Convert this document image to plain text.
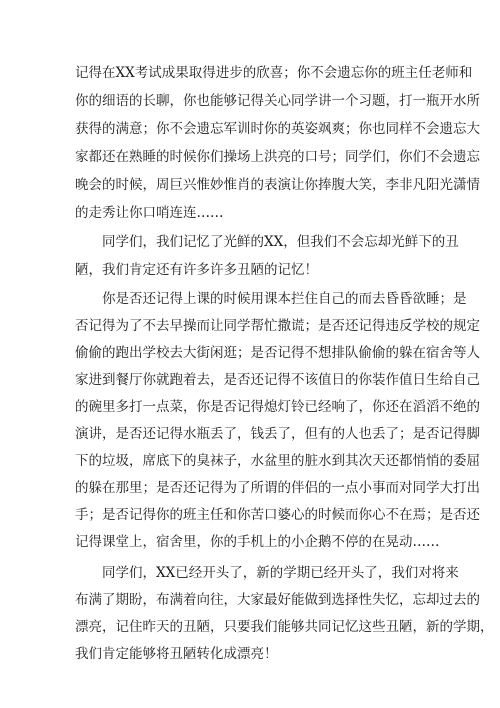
记得在XX考试成果取得进步的欣喜；你不会遗忘你的班主任老师和
你的细语的长聊，你也能够记得关心同学讲一个习题，打一瓶开水所
获得的满意；你不会遗忘军训时你的英姿飒爽；你也同样不会遗忘大
家都还在熟睡的时候你们操场上洪亮的口号；同学们，你们不会遗忘
晚会的时候，周巨兴惟妙惟肖的表演让你捧腹大笑，李非凡阳光潇情
的走秀让你口哨连连……
　　同学们，我们记忆了光鲜的XX，但我们不会忘却光鲜下的丑
陋，我们肯定还有许多许多丑陋的记忆！
　　你是否还记得上课的时候用课本拦住自己的而去昏昏欲睡；是
否记得为了不去早操而让同学帮忙撒谎；是否还记得违反学校的规定
偷偷的跑出学校去大街闲逛；是否记得不想排队偷偷的躲在宿舍等人
家进到餐厅你就跑着去，是否还记得不该值日的你装作值日生给自己
的碗里多打一点菜，你是否记得熄灯铃已经响了，你还在滔滔不绝的
演讲，是否还记得水瓶丢了，钱丢了，但有的人也丢了；是否记得脚
下的垃圾，席底下的臭袜子，水盆里的脏水到其次天还都悄悄的委屈
的躲在那里；是否还记得为了所谓的伴侣的一点小事而对同学大打出
手；是否记得你的班主任和你苦口婆心的时候而你心不在焉；是否还
记得课堂上，宿舍里，你的手机上的小企鹅不停的在晃动……
　　同学们，XX已经开头了，新的学期已经开头了，我们对将来
布满了期盼，布满着向往，大家最好能做到选择性失忆，忘却过去的
漂亮，记住昨天的丑陋，只要我们能够共同记忆这些丑陋，新的学期，
我们肯定能够将丑陋转化成漂亮！
